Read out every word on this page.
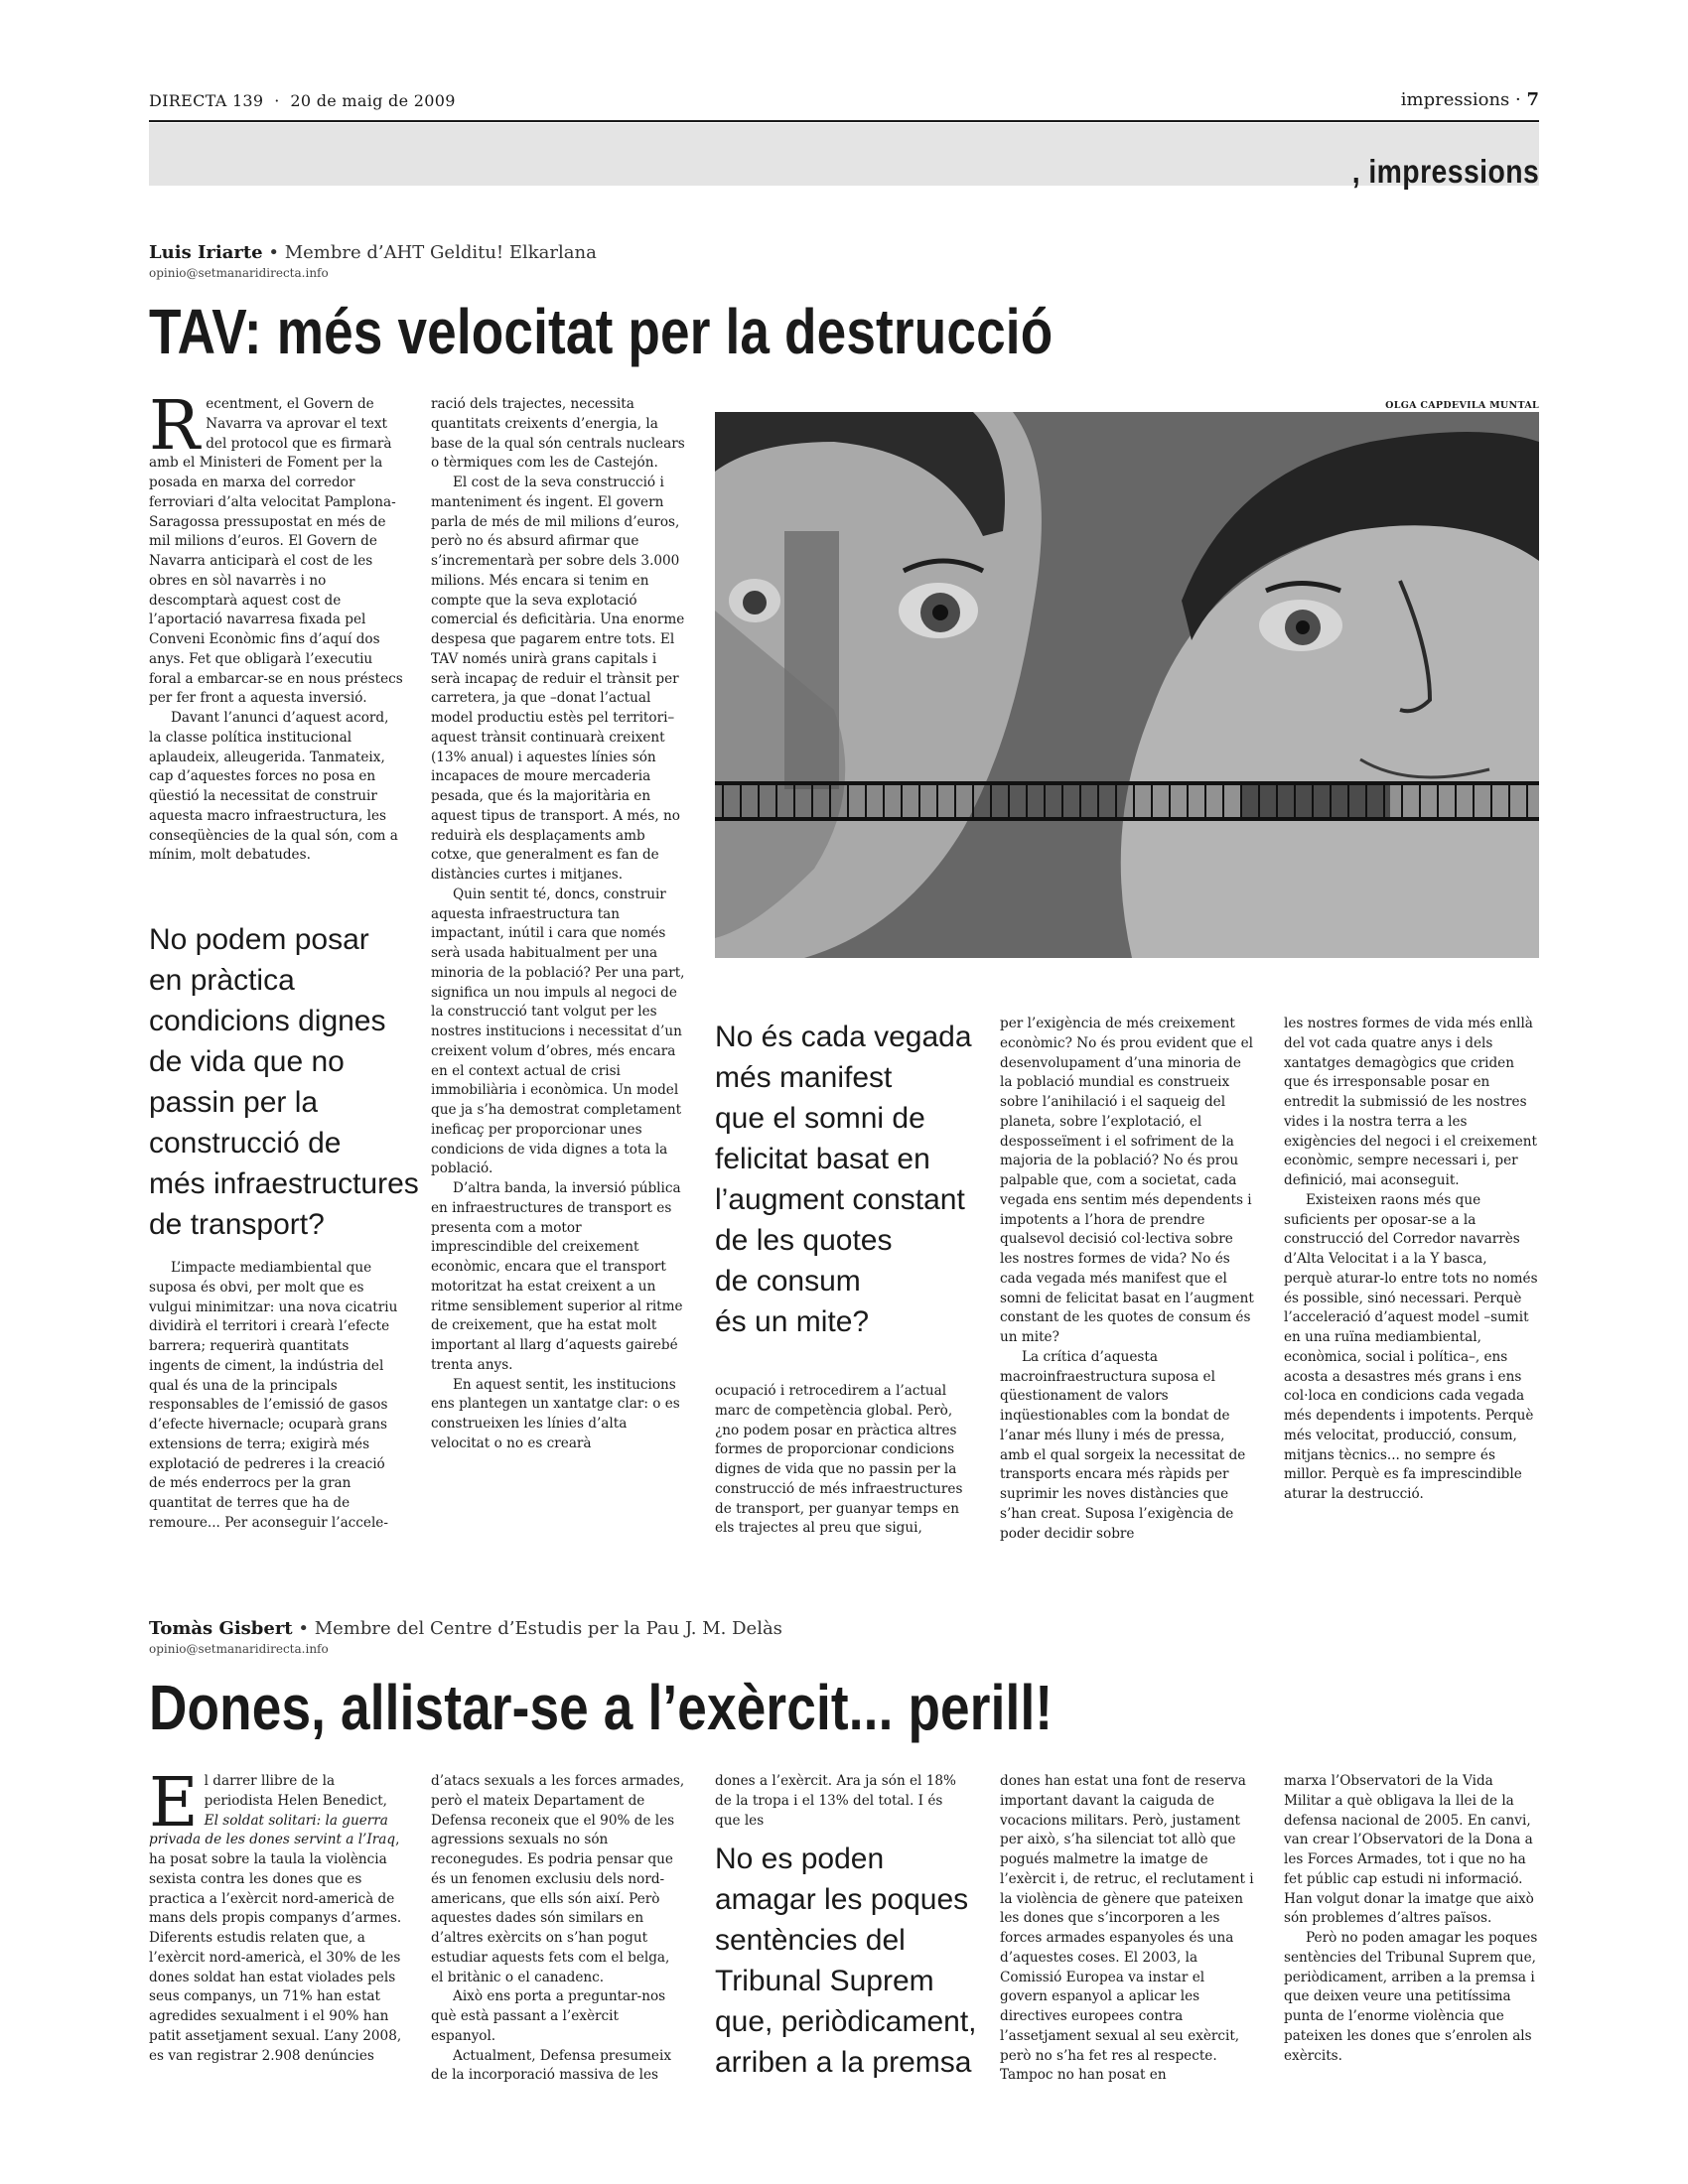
DIRECTA 139 · 20 de maig de 2009	impressions · 7
, impressions
Luis Iriarte • Membre d’AHT Gelditu! Elkarlana
opinio@setmanaridirecta.info
TAV: més velocitat per la destrucció

Recentment, el Govern de Navarra va aprovar el text del protocol que es firmarà amb el Ministeri de Foment per la posada en marxa del corredor ferroviari d’alta velocitat Pamplona-Saragossa pressupostat en més de mil milions d’euros. El Govern de Navarra anticiparà el cost de les obres en sòl navarrès i no descomptarà aquest cost de l’aportació navarresa fixada pel Conveni Econòmic fins d’aquí dos anys. Fet que obligarà l’executiu foral a embarcar-se en nous préstecs per fer front a aquesta inversió.

Davant l’anunci d’aquest acord, la classe política institucional aplaudeix, alleugerida. Tanmateix, cap d’aquestes forces no posa en qüestió la necessitat de construir aquesta macro infraestructura, les conseqüències de la qual són, com a mínim, molt debatudes.

No podem posar
en pràctica
condicions dignes
de vida que no
passin per la
construcció de
més infraestructures
de transport?

L’impacte mediambiental que suposa és obvi, per molt que es vulgui minimitzar: una nova cicatriu dividirà el territori i crearà l’efecte barrera; requerirà quantitats ingents de ciment, la indústria del qual és una de la principals responsables de l’emissió de gasos d’efecte hivernacle; ocuparà grans extensions de terra; exigirà més explotació de pedreres i la creació de més enderrocs per la gran quantitat de terres que ha de remoure... Per aconseguir l’accele-

ració dels trajectes, necessita quantitats creixents d’energia, la base de la qual són centrals nuclears o tèrmiques com les de Castejón.

El cost de la seva construcció i manteniment és ingent. El govern parla de més de mil milions d’euros, però no és absurd afirmar que s’incrementarà per sobre dels 3.000 milions. Més encara si tenim en compte que la seva explotació comercial és deficitària. Una enorme despesa que pagarem entre tots. El TAV només unirà grans capitals i serà incapaç de reduir el trànsit per carretera, ja que –donat l’actual model productiu estès pel territori– aquest trànsit continuarà creixent (13% anual) i aquestes línies són incapaces de moure mercaderia pesada, que és la majoritària en aquest tipus de transport. A més, no reduirà els desplaçaments amb cotxe, que generalment es fan de distàncies curtes i mitjanes.

Quin sentit té, doncs, construir aquesta infraestructura tan impactant, inútil i cara que només serà usada habitualment per una minoria de la població? Per una part, significa un nou impuls al negoci de la construcció tant volgut per les nostres institucions i necessitat d’un creixent volum d’obres, més encara en el context actual de crisi immobiliària i econòmica. Un model que ja s’ha demostrat completament ineficaç per proporcionar unes condicions de vida dignes a tota la població.

D’altra banda, la inversió pública en infraestructures de transport es presenta com a motor imprescindible del creixement econòmic, encara que el transport motoritzat ha estat creixent a un ritme sensiblement superior al ritme de creixement, que ha estat molt important al llarg d’aquests gairebé trenta anys.

En aquest sentit, les institucions ens plantegen un xantatge clar: o es construeixen les línies d’alta velocitat o no es crearà

OLGA CAPDEVILA MUNTAL
No és cada vegada
més manifest
que el somni de
felicitat basat en
l’augment constant
de les quotes
de consum
és un mite?

ocupació i retrocedirem a l’actual marc de competència global. Però, ¿no podem posar en pràctica altres formes de proporcionar condicions dignes de vida que no passin per la construcció de més infraestructures de transport, per guanyar temps en els trajectes al preu que sigui,

per l’exigència de més creixement econòmic? No és prou evident que el desenvolupament d’una minoria de la població mundial es construeix sobre l’anihilació i el saqueig del planeta, sobre l’explotació, el desposseïment i el sofriment de la majoria de la població? No és prou palpable que, com a societat, cada vegada ens sentim més dependents i impotents a l’hora de prendre qualsevol decisió col·lectiva sobre les nostres formes de vida? No és cada vegada més manifest que el somni de felicitat basat en l’augment constant de les quotes de consum és un mite?

La crítica d’aquesta macroinfraestructura suposa el qüestionament de valors inqüestionables com la bondat de l’anar més lluny i més de pressa, amb el qual sorgeix la necessitat de transports encara més ràpids per suprimir les noves distàncies que s’han creat. Suposa l’exigència de poder decidir sobre

les nostres formes de vida més enllà del vot cada quatre anys i dels xantatges demagògics que criden que és irresponsable posar en entredit la submissió de les nostres vides i la nostra terra a les exigències del negoci i el creixement econòmic, sempre necessari i, per definició, mai aconseguit.

Existeixen raons més que suficients per oposar-se a la construcció del Corredor navarrès d’Alta Velocitat i a la Y basca, perquè aturar-lo entre tots no només és possible, sinó necessari. Perquè l’acceleració d’aquest model –sumit en una ruïna mediambiental, econòmica, social i política–, ens acosta a desastres més grans i ens col·loca en condicions cada vegada més dependents i impotents. Perquè més velocitat, producció, consum, mitjans tècnics... no sempre és millor. Perquè es fa imprescindible aturar la destrucció.

Tomàs Gisbert • Membre del Centre d’Estudis per la Pau J. M. Delàs
opinio@setmanaridirecta.info
Dones, allistar-se a l’exèrcit... perill!

El darrer llibre de la periodista Helen Benedict, El soldat solitari: la guerra privada de les dones servint a l’Iraq, ha posat sobre la taula la violència sexista contra les dones que es practica a l’exèrcit nord-americà de mans dels propis companys d’armes. Diferents estudis relaten que, a l’exèrcit nord-americà, el 30% de les dones soldat han estat violades pels seus companys, un 71% han estat agredides sexualment i el 90% han patit assetjament sexual. L’any 2008, es van registrar 2.908 denúncies

d’atacs sexuals a les forces armades, però el mateix Departament de Defensa reconeix que el 90% de les agressions sexuals no són reconegudes. Es podria pensar que és un fenomen exclusiu dels nord-americans, que ells són així. Però aquestes dades són similars en d’altres exèrcits on s’han pogut estudiar aquests fets com el belga, el britànic o el canadenc.

Això ens porta a preguntar-nos què està passant a l’exèrcit espanyol.

Actualment, Defensa presumeix de la incorporació massiva de les

dones a l’exèrcit. Ara ja són el 18% de la tropa i el 13% del total. I és que les

No es poden
amagar les poques
sentències del
Tribunal Suprem
que, periòdicament,
arriben a la premsa

dones han estat una font de reserva important davant la caiguda de vocacions militars. Però, justament per això, s’ha silenciat tot allò que pogués malmetre la imatge de l’exèrcit i, de retruc, el reclutament i la violència de gènere que pateixen les dones que s’incorporen a les forces armades espanyoles és una d’aquestes coses. El 2003, la Comissió Europea va instar el govern espanyol a aplicar les directives europees contra l’assetjament sexual al seu exèrcit, però no s’ha fet res al respecte. Tampoc no han posat en

marxa l’Observatori de la Vida Militar a què obligava la llei de la defensa nacional de 2005. En canvi, van crear l’Observatori de la Dona a les Forces Armades, tot i que no ha fet públic cap estudi ni informació. Han volgut donar la imatge que això són problemes d’altres països.

Però no poden amagar les poques sentències del Tribunal Suprem que, periòdicament, arriben a la premsa i que deixen veure una petitíssima punta de l’enorme violència que pateixen les dones que s’enrolen als exèrcits.
